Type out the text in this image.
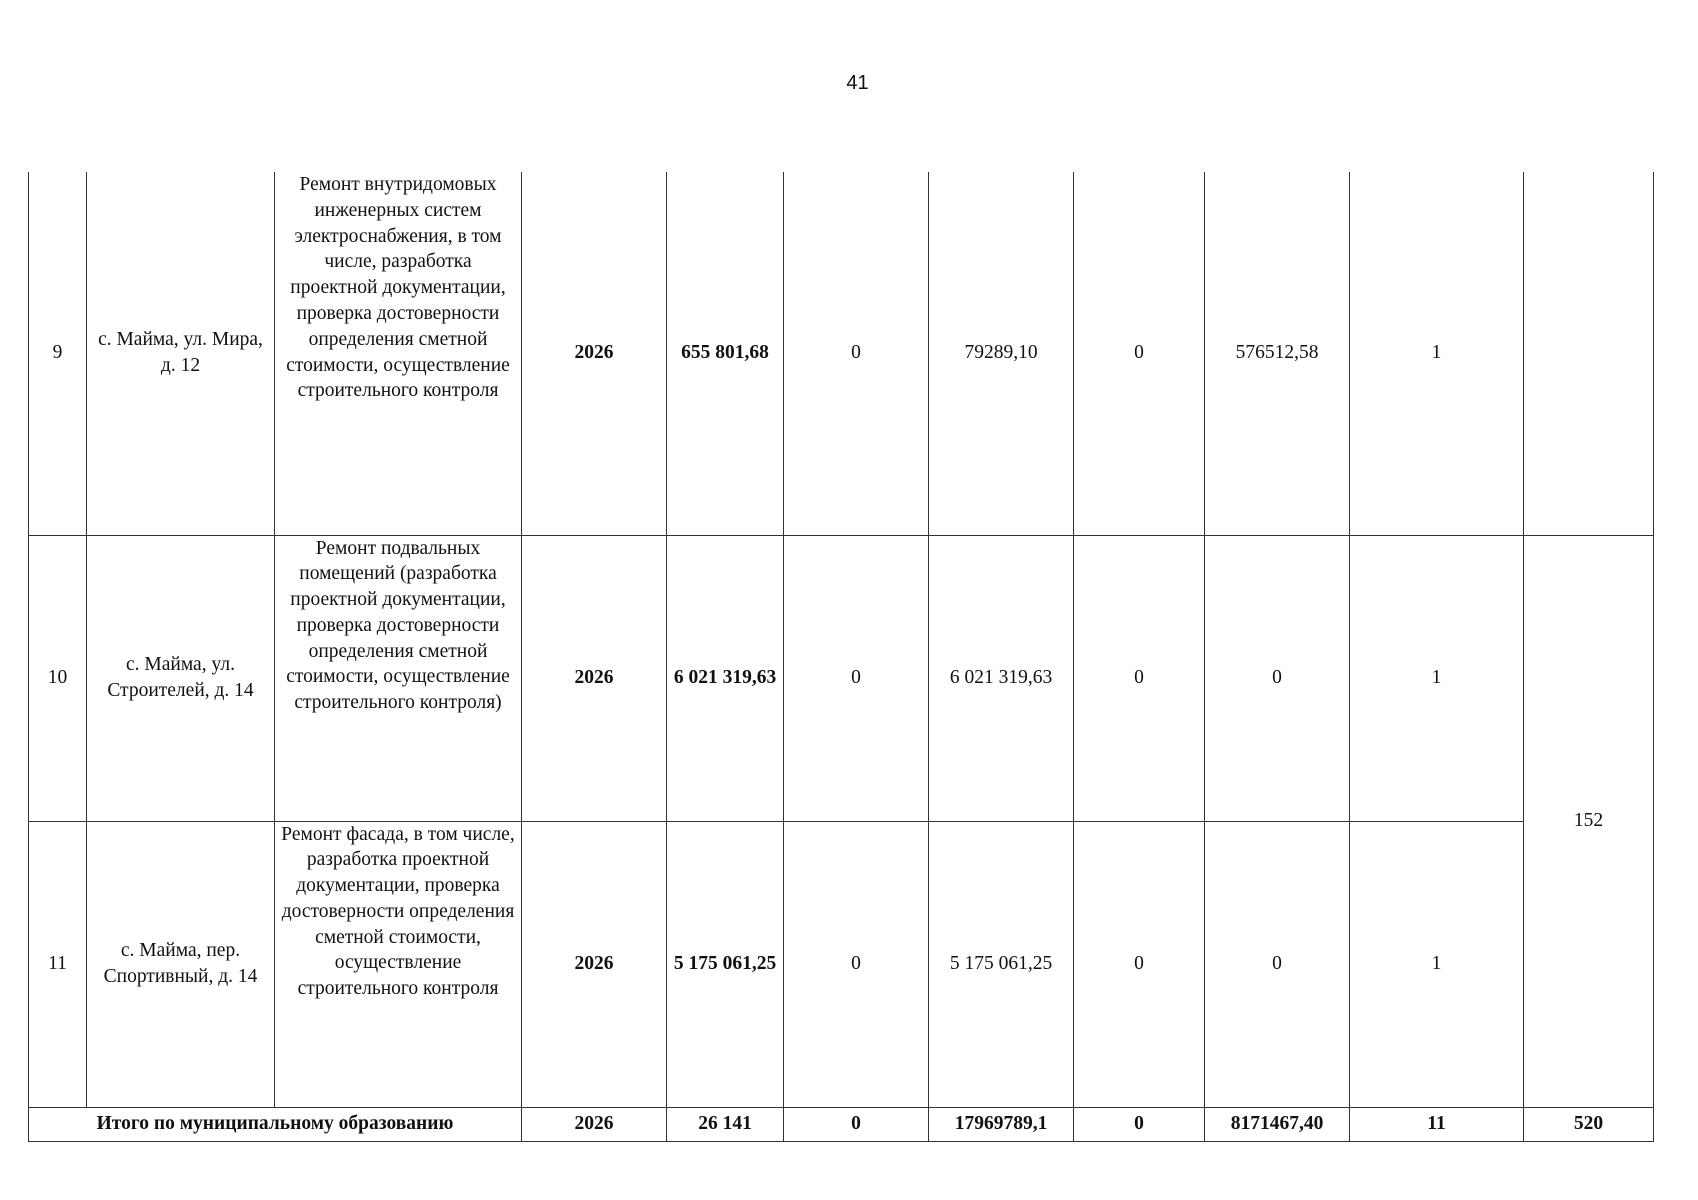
41
9	с. Майма, ул. Мира, д. 12	Ремонт внутридомовых инженерных систем электроснабжения, в том числе, разработка проектной документации, проверка достоверности определения сметной стоимости, осуществление строительного контроля	2026	655 801,68	0	79289,10	0	576512,58	1	
10	с. Майма, ул. Строителей, д. 14	Ремонт подвальных помещений (разработка проектной документации, проверка достоверности определения сметной стоимости, осуществление строительного контроля)	2026	6 021 319,63	0	6 021 319,63	0	0	1	152
11	с. Майма, пер. Спортивный, д. 14	Ремонт фасада, в том числе, разработка проектной документации, проверка достоверности определения сметной стоимости, осуществление строительного контроля	2026	5 175 061,25	0	5 175 061,25	0	0	1	
Итого по муниципальному образованию			2026	26 141	0	17969789,1	0	8171467,40	11	520
